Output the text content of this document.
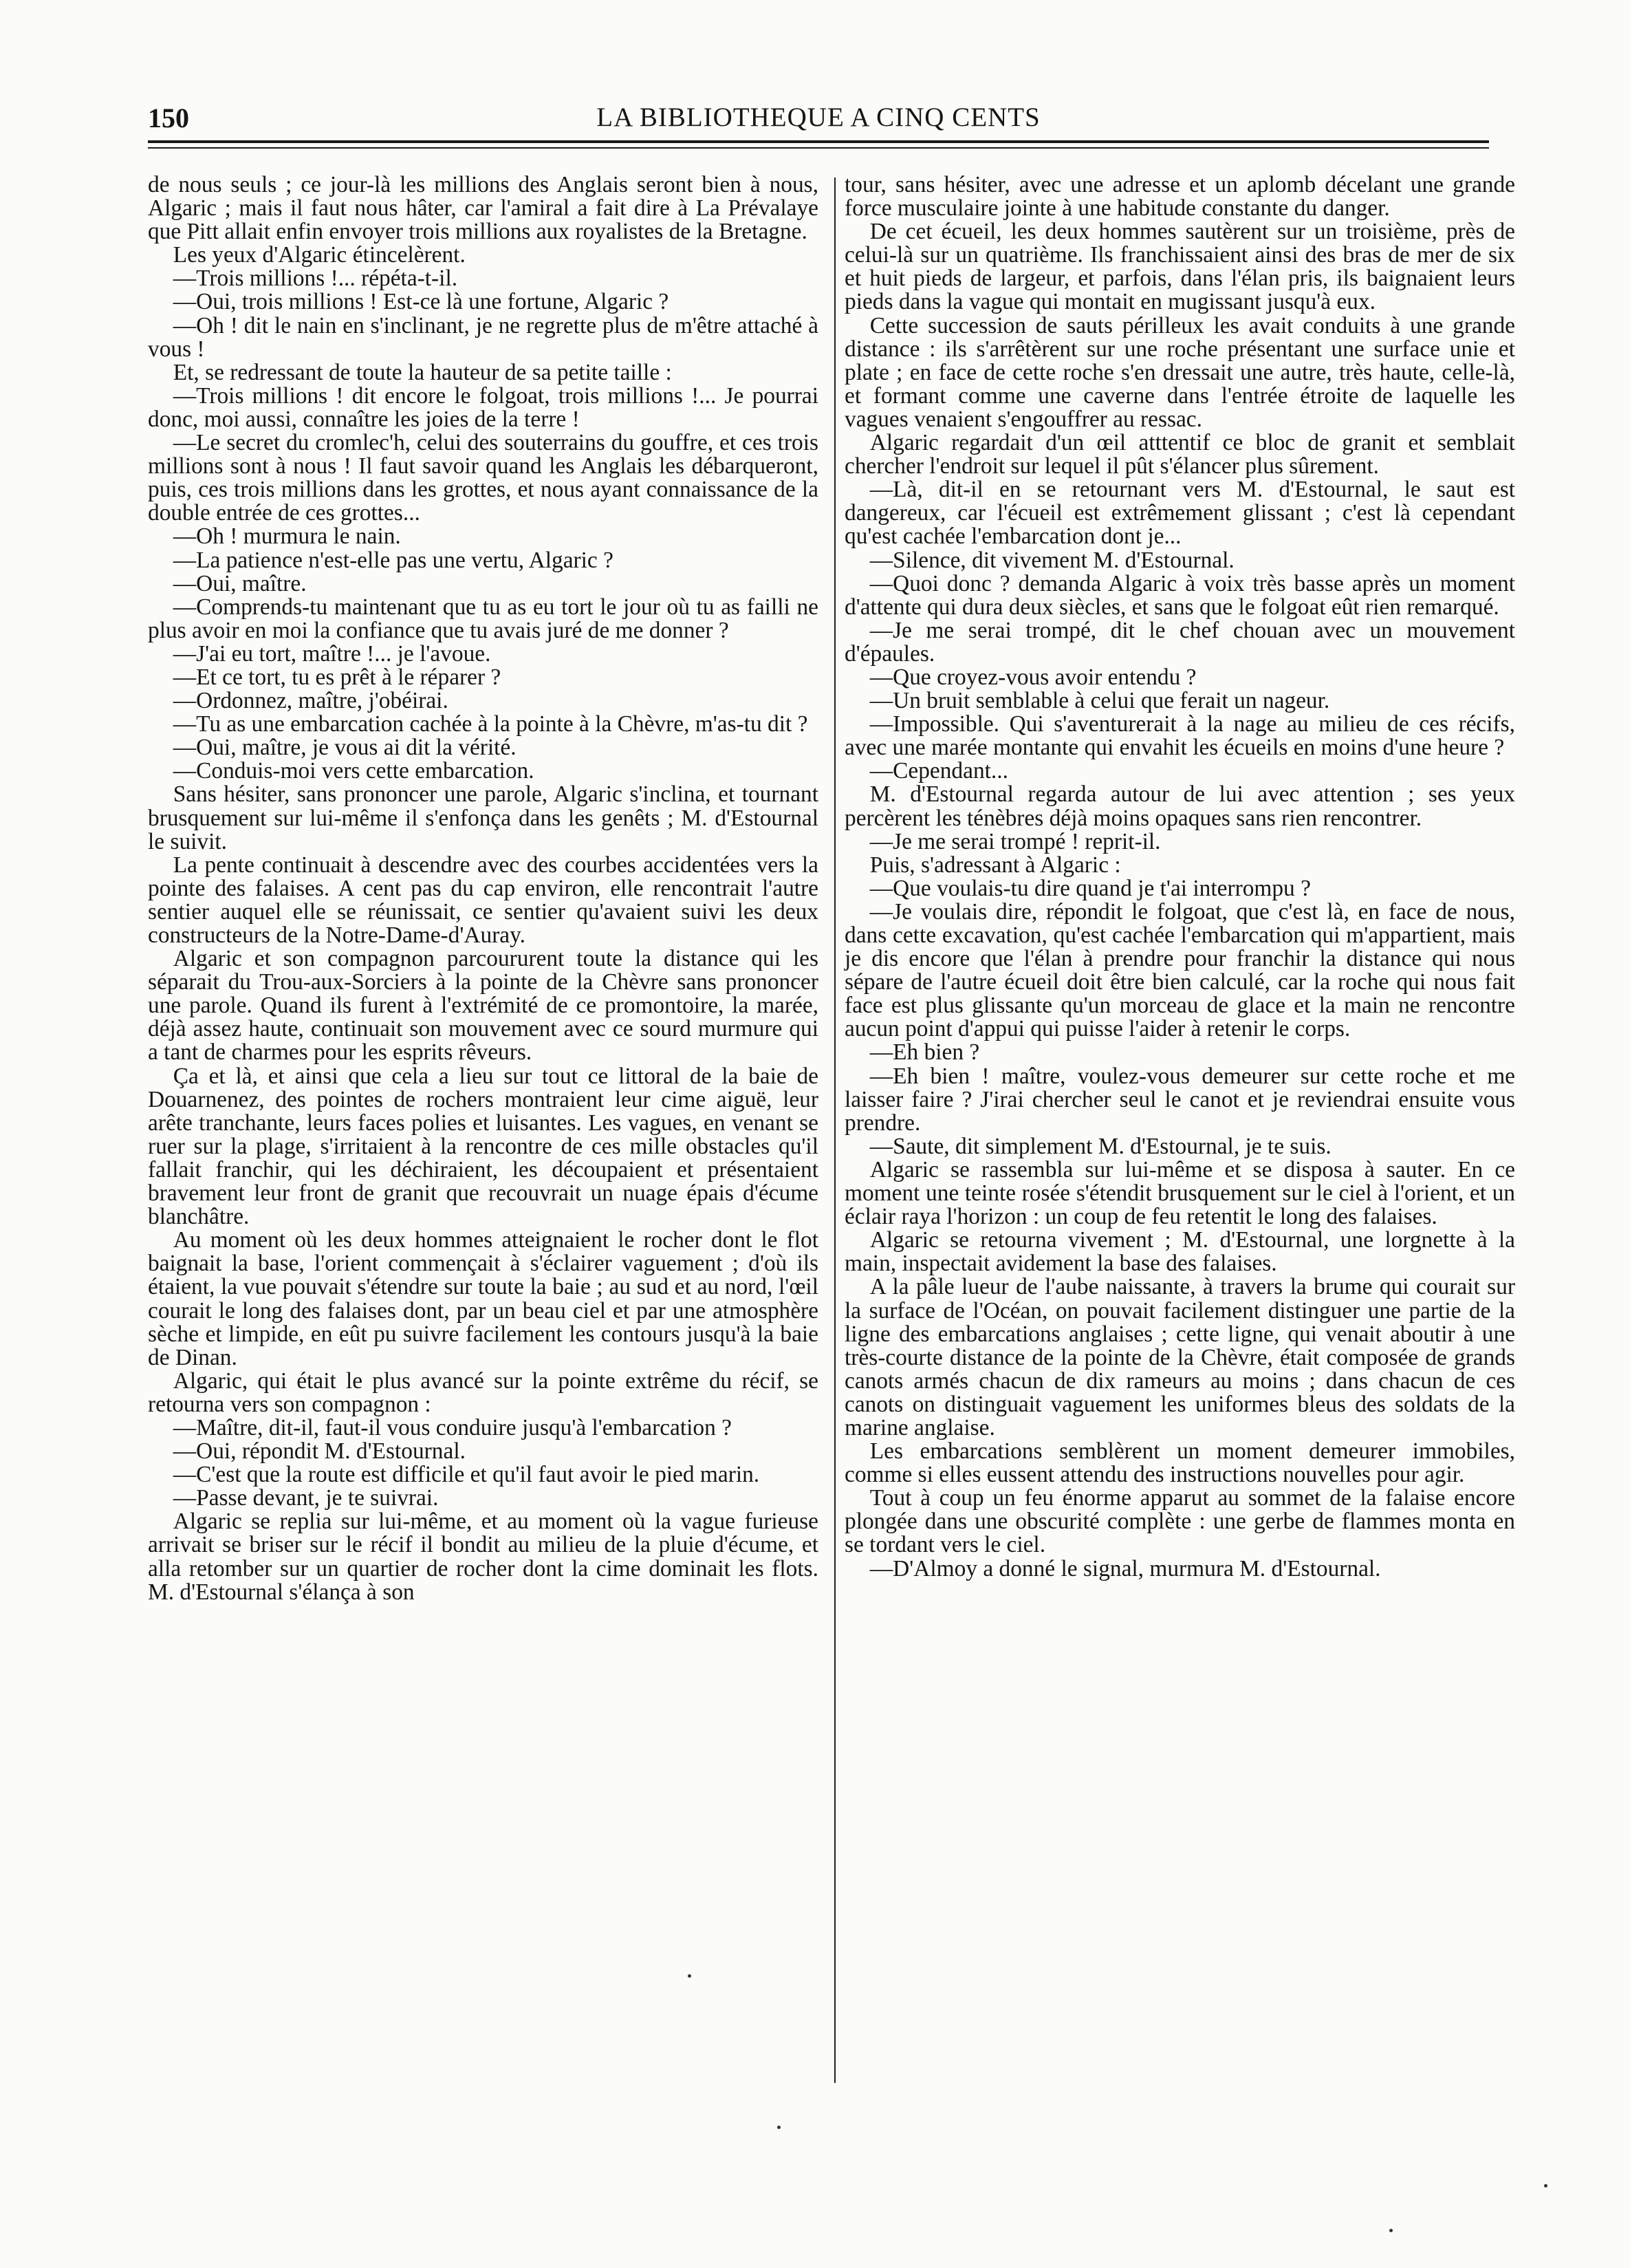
LA BIBLIOTHEQUE A CINQ CENTS
150

de nous seuls ; ce jour-là les millions des Anglais seront bien à nous, Algaric ; mais il faut nous hâter, car l'amiral a fait dire à La Prévalaye que Pitt allait enfin envoyer trois millions aux royalistes de la Bretagne.

Les yeux d'Algaric étincelèrent.

—Trois millions !... répéta-t-il.

—Oui, trois millions ! Est-ce là une fortune, Algaric ?

—Oh ! dit le nain en s'inclinant, je ne regrette plus de m'être attaché à vous !

Et, se redressant de toute la hauteur de sa petite taille :

—Trois millions ! dit encore le folgoat, trois millions !... Je pourrai donc, moi aussi, connaître les joies de la terre !

—Le secret du cromlec'h, celui des souterrains du gouffre, et ces trois millions sont à nous ! Il faut savoir quand les Anglais les débarqueront, puis, ces trois millions dans les grottes, et nous ayant connaissance de la double entrée de ces grottes...

—Oh ! murmura le nain.

—La patience n'est-elle pas une vertu, Algaric ?

—Oui, maître.

—Comprends-tu maintenant que tu as eu tort le jour où tu as failli ne plus avoir en moi la confiance que tu avais juré de me donner ?

—J'ai eu tort, maître !... je l'avoue.

—Et ce tort, tu es prêt à le réparer ?

—Ordonnez, maître, j'obéirai.

—Tu as une embarcation cachée à la pointe à la Chèvre, m'as-tu dit ?

—Oui, maître, je vous ai dit la vérité.

—Conduis-moi vers cette embarcation.

Sans hésiter, sans prononcer une parole, Algaric s'inclina, et tournant brusquement sur lui-même il s'enfonça dans les genêts ; M. d'Estournal le suivit.

La pente continuait à descendre avec des courbes accidentées vers la pointe des falaises. A cent pas du cap environ, elle rencontrait l'autre sentier auquel elle se réunissait, ce sentier qu'avaient suivi les deux constructeurs de la Notre-Dame-d'Auray.

Algaric et son compagnon parcoururent toute la distance qui les séparait du Trou-aux-Sorciers à la pointe de la Chèvre sans prononcer une parole. Quand ils furent à l'extrémité de ce promontoire, la marée, déjà assez haute, continuait son mouvement avec ce sourd murmure qui a tant de charmes pour les esprits rêveurs.

Ça et là, et ainsi que cela a lieu sur tout ce littoral de la baie de Douarnenez, des pointes de rochers montraient leur cime aiguë, leur arête tranchante, leurs faces polies et luisantes. Les vagues, en venant se ruer sur la plage, s'irritaient à la rencontre de ces mille obstacles qu'il fallait franchir, qui les déchiraient, les découpaient et présentaient bravement leur front de granit que recouvrait un nuage épais d'écume blanchâtre.

Au moment où les deux hommes atteignaient le rocher dont le flot baignait la base, l'orient commençait à s'éclairer vaguement ; d'où ils étaient, la vue pouvait s'étendre sur toute la baie ; au sud et au nord, l'œil courait le long des falaises dont, par un beau ciel et par une atmosphère sèche et limpide, en eût pu suivre facilement les contours jusqu'à la baie de Dinan.

Algaric, qui était le plus avancé sur la pointe extrême du récif, se retourna vers son compagnon :

—Maître, dit-il, faut-il vous conduire jusqu'à l'embarcation ?

—Oui, répondit M. d'Estournal.

—C'est que la route est difficile et qu'il faut avoir le pied marin.

—Passe devant, je te suivrai.

Algaric se replia sur lui-même, et au moment où la vague furieuse arrivait se briser sur le récif il bondit au milieu de la pluie d'écume, et alla retomber sur un quartier de rocher dont la cime dominait les flots. M. d'Estournal s'élança à son

tour, sans hésiter, avec une adresse et un aplomb décelant une grande force musculaire jointe à une habitude constante du danger.

De cet écueil, les deux hommes sautèrent sur un troisième, près de celui-là sur un quatrième. Ils franchissaient ainsi des bras de mer de six et huit pieds de largeur, et parfois, dans l'élan pris, ils baignaient leurs pieds dans la vague qui montait en mugissant jusqu'à eux.

Cette succession de sauts périlleux les avait conduits à une grande distance : ils s'arrêtèrent sur une roche présentant une surface unie et plate ; en face de cette roche s'en dressait une autre, très haute, celle-là, et formant comme une caverne dans l'entrée étroite de laquelle les vagues venaient s'engouffrer au ressac.

Algaric regardait d'un œil atttentif ce bloc de granit et semblait chercher l'endroit sur lequel il pût s'élancer plus sûrement.

—Là, dit-il en se retournant vers M. d'Estournal, le saut est dangereux, car l'écueil est extrêmement glissant ; c'est là cependant qu'est cachée l'embarcation dont je...

—Silence, dit vivement M. d'Estournal.

—Quoi donc ? demanda Algaric à voix très basse après un moment d'attente qui dura deux siècles, et sans que le folgoat eût rien remarqué.

—Je me serai trompé, dit le chef chouan avec un mouvement d'épaules.

—Que croyez-vous avoir entendu ?

—Un bruit semblable à celui que ferait un nageur.

—Impossible. Qui s'aventurerait à la nage au milieu de ces récifs, avec une marée montante qui envahit les écueils en moins d'une heure ?

—Cependant...

M. d'Estournal regarda autour de lui avec attention ; ses yeux percèrent les ténèbres déjà moins opaques sans rien rencontrer.

—Je me serai trompé ! reprit-il.

Puis, s'adressant à Algaric :

—Que voulais-tu dire quand je t'ai interrompu ?

—Je voulais dire, répondit le folgoat, que c'est là, en face de nous, dans cette excavation, qu'est cachée l'embarcation qui m'appartient, mais je dis encore que l'élan à prendre pour franchir la distance qui nous sépare de l'autre écueil doit être bien calculé, car la roche qui nous fait face est plus glissante qu'un morceau de glace et la main ne rencontre aucun point d'appui qui puisse l'aider à retenir le corps.

—Eh bien ?

—Eh bien ! maître, voulez-vous demeurer sur cette roche et me laisser faire ? J'irai chercher seul le canot et je reviendrai ensuite vous prendre.

—Saute, dit simplement M. d'Estournal, je te suis.

Algaric se rassembla sur lui-même et se disposa à sauter. En ce moment une teinte rosée s'étendit brusquement sur le ciel à l'orient, et un éclair raya l'horizon : un coup de feu retentit le long des falaises.

Algaric se retourna vivement ; M. d'Estournal, une lorgnette à la main, inspectait avidement la base des falaises.

A la pâle lueur de l'aube naissante, à travers la brume qui courait sur la surface de l'Océan, on pouvait facilement distinguer une partie de la ligne des embarcations anglaises ; cette ligne, qui venait aboutir à une très-courte distance de la pointe de la Chèvre, était composée de grands canots armés chacun de dix rameurs au moins ; dans chacun de ces canots on distinguait vaguement les uniformes bleus des soldats de la marine anglaise.

Les embarcations semblèrent un moment demeurer immobiles, comme si elles eussent attendu des instructions nouvelles pour agir.

Tout à coup un feu énorme apparut au sommet de la falaise encore plongée dans une obscurité complète : une gerbe de flammes monta en se tordant vers le ciel.

—D'Almoy a donné le signal, murmura M. d'Estournal.
